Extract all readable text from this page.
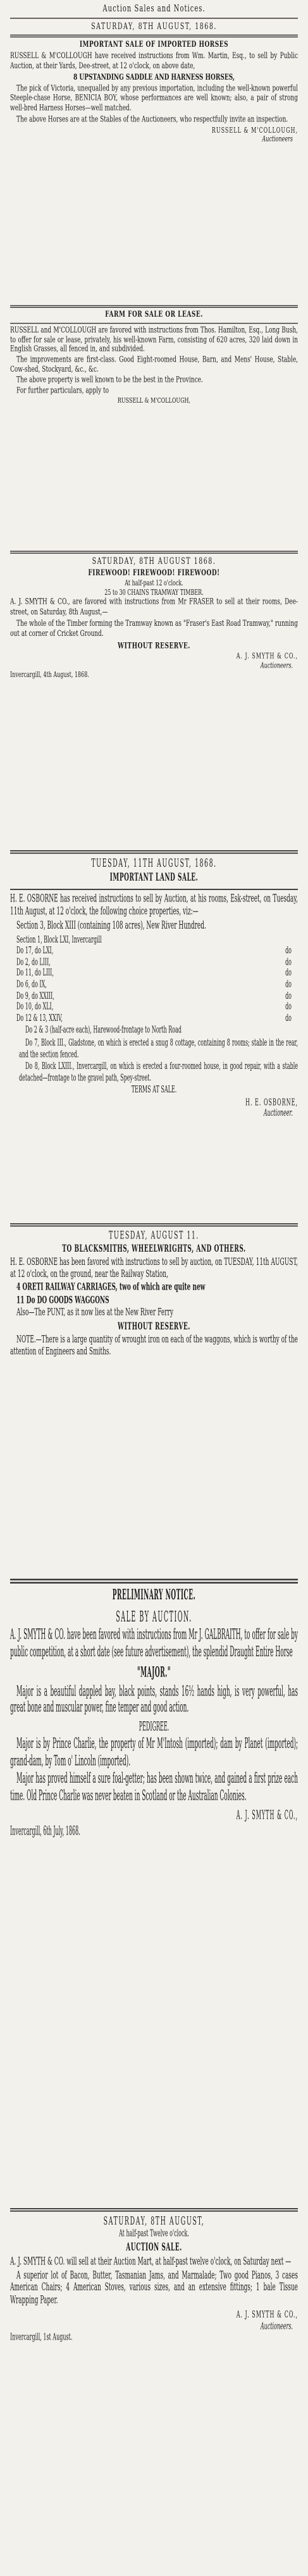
Auction Sales and Notices.
SATURDAY, 8TH AUGUST, 1868.
IMPORTANT SALE OF IMPORTED HORSES
RUSSELL & M'COLLOUGH have received instructions from Wm. Martin, Esq., to sell by Public Auction, at their Yards, Dee-street, at 12 o'clock, on above date,
8 UPSTANDING SADDLE AND HARNESS HORSES,
The pick of Victoria, unequalled by any previous importation, including the well-known powerful Steeple-chase Horse, BENICIA BOY, whose performances are well known; also, a pair of strong well-bred Harness Horses—well matched.
The above Horses are at the Stables of the Auctioneers, who respectfully invite an inspection.
RUSSELL & M'COLLOUGH,
Auctioneers
FARM FOR SALE OR LEASE.
RUSSELL and M'COLLOUGH are favored with instructions from Thos. Hamilton, Esq., Long Bush, to offer for sale or lease, privately, his well-known Farm, consisting of 620 acres, 320 laid down in English Grasses, all fenced in, and subdivided.
The improvements are first-class. Good Eight-roomed House, Barn, and Mens' House, Stable, Cow-shed, Stockyard, &c., &c.
The above property is well known to be the best in the Province.
For further particulars, apply to
RUSSELL & M'COLLOUGH,
SATURDAY, 8TH AUGUST 1868.
FIREWOOD! FIREWOOD! FIREWOOD!
At half-past 12 o'clock.
25 to 30 CHAINS TRAMWAY TIMBER.
A. J. SMYTH & CO., are favored with instructions from Mr FRASER to sell at their rooms, Dee-street, on Saturday, 8th August,—
The whole of the Timber forming the Tramway known as "Fraser's East Road Tramway," running out at corner of Cricket Ground.
WITHOUT RESERVE.
A. J. SMYTH & CO.,
Auctioneers.
Invercargill, 4th August, 1868.
TUESDAY, 11TH AUGUST, 1868.
IMPORTANT LAND SALE.
H. E. OSBORNE has received instructions to sell by Auction, at his rooms, Esk-street, on Tuesday, 11th August, at 12 o'clock, the following choice properties, viz:—
Section 3, Block XIII (containing 108 acres), New River Hundred.
Section 1, Block LXI, Invercargill
Do 17, do LXI,	do
Do 2, do LIII,	do
Do 11, do LIII,	do
Do 6, do IX,	do
Do 9, do XXIII,	do
Do 10, do XLI,	do
Do 12 & 13, XXIV,	do
Do 2 & 3 (half-acre each), Harewood-frontage to North Road
Do 7, Block III., Gladstone, on which is erected a snug 8 cottage, containing 8 rooms; stable in the rear, and the section fenced.
Do 8, Block LXIII., Invercargill, on which is erected a four-roomed house, in good repair, with a stable detached—frontage to the gravel path, Spey-street.
TERMS AT SALE.
H. E. OSBORNE,
Auctioneer.
TUESDAY, AUGUST 11.
TO BLACKSMITHS, WHEELWRIGHTS, AND OTHERS.
H. E. OSBORNE has been favored with instructions to sell by auction, on TUESDAY, 11th AUGUST, at 12 o'clock, on the ground, near the Railway Station,
4 ORETI RAILWAY CARRIAGES, two of which are quite new
11 Do DO GOODS WAGGONS
Also—The PUNT, as it now lies at the New River Ferry
WITHOUT RESERVE.
NOTE.—There is a large quantity of wrought iron on each of the waggons, which is worthy of the attention of Engineers and Smiths.
PRELIMINARY NOTICE.
SALE BY AUCTION.
A. J. SMYTH & CO. have been favored with instructions from Mr J. GALBRAITH, to offer for sale by public competition, at a short date (see future advertisement), the splendid Draught Entire Horse
"MAJOR."
Major is a beautiful dappled bay, black points, stands 16½ hands high, is very powerful, has great bone and muscular power, fine temper and good action.
PEDIGREE.
Major is by Prince Charlie, the property of Mr M'Intosh (imported); dam by Planet (imported); grand-dam, by Tom o' Lincoln (imported).
Major has proved himself a sure foal-getter; has been shown twice, and gained a first prize each time. Old Prince Charlie was never beaten in Scotland or the Australian Colonies.
A. J. SMYTH & CO.,
Invercargill, 6th July, 1868.
SATURDAY, 8TH AUGUST,
At half-past Twelve o'clock.
AUCTION SALE.
A. J. SMYTH & CO. will sell at their Auction Mart, at half-past twelve o'clock, on Saturday next —
A superior lot of Bacon, Butter, Tasmanian Jams, and Marmalade; Two good Pianos, 3 cases American Chairs; 4 American Stoves, various sizes, and an extensive fittings; 1 bale Tissue Wrapping Paper.
A. J. SMYTH & CO.,
Auctioneers.
Invercargill, 1st August.
